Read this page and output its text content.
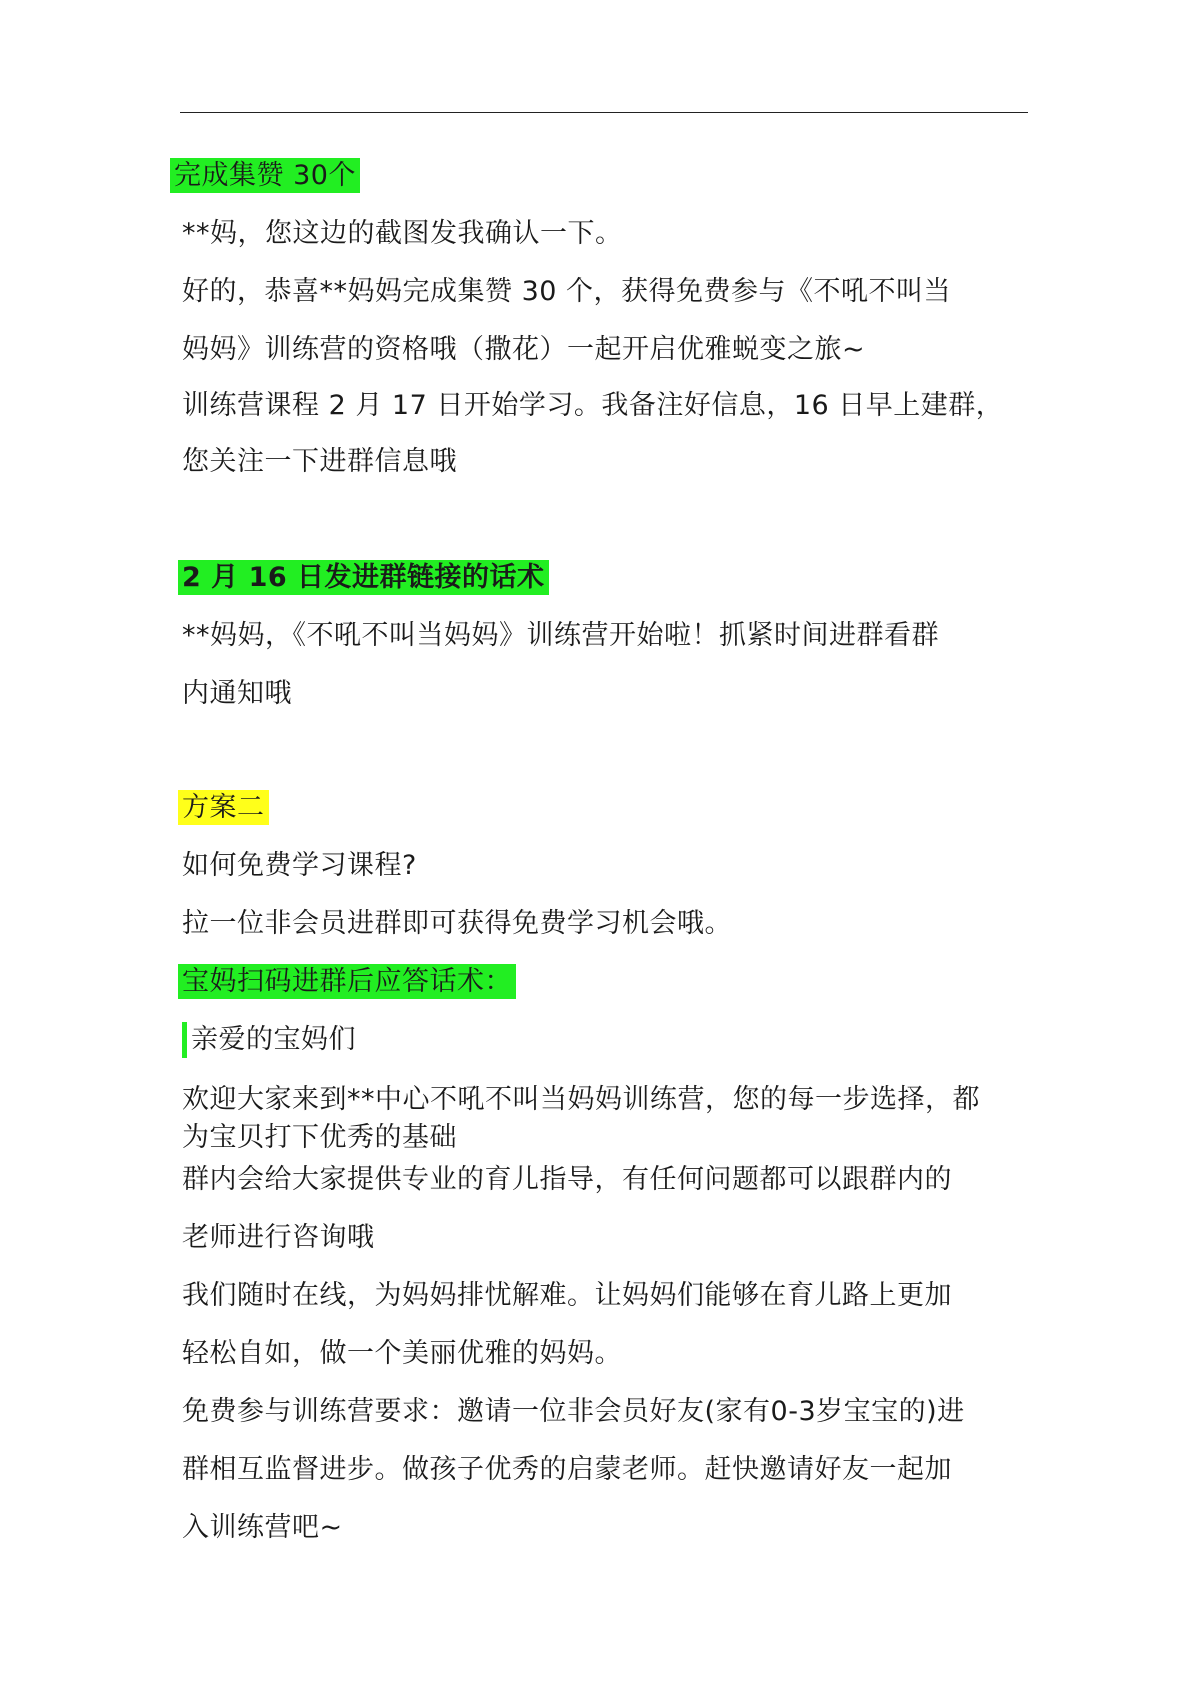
完成集赞 30个
**妈，您这边的截图发我确认一下。
好的，恭喜**妈妈完成集赞 30 个，获得免费参与《不吼不叫当
妈妈》训练营的资格哦（撒花）一起开启优雅蜕变之旅~
训练营课程 2 月 17 日开始学习。我备注好信息，16 日早上建群，
您关注一下进群信息哦
2 月 16 日发进群链接的话术
**妈妈，《不吼不叫当妈妈》训练营开始啦！抓紧时间进群看群
内通知哦
方案二
如何免费学习课程?
拉一位非会员进群即可获得免费学习机会哦。
宝妈扫码进群后应答话术：
亲爱的宝妈们
欢迎大家来到**中心不吼不叫当妈妈训练营，您的每一步选择，都
为宝贝打下优秀的基础
群内会给大家提供专业的育儿指导，有任何问题都可以跟群内的
老师进行咨询哦
我们随时在线，为妈妈排忧解难。让妈妈们能够在育儿路上更加
轻松自如，做一个美丽优雅的妈妈。
免费参与训练营要求：邀请一位非会员好友(家有0-3岁宝宝的)进
群相互监督进步。做孩子优秀的启蒙老师。赶快邀请好友一起加
入训练营吧~
